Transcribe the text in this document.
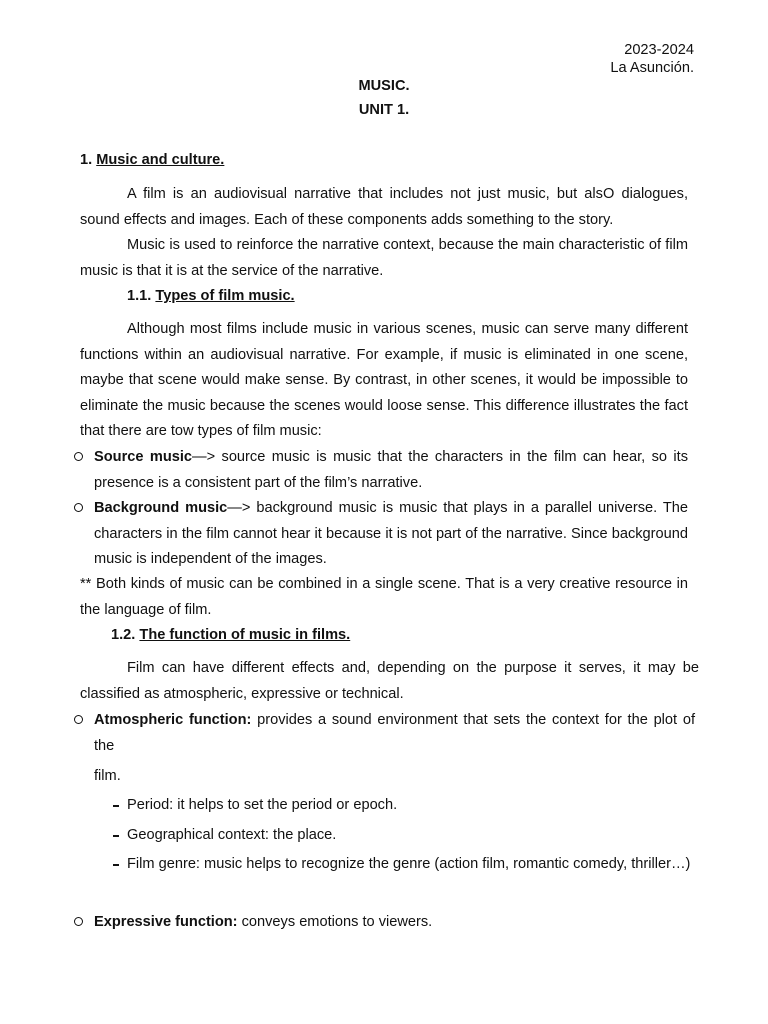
2023-2024
La Asunción.
MUSIC.
UNIT 1.
1. Music and culture.

A film is an audiovisual narrative that includes not just music, but alsO dialogues, sound effects and images. Each of these components adds something to the story.

Music is used to reinforce the narrative context, because the main characteristic of film music is that it is at the service of the narrative.

1.1. Types of film music.

Although most films include music in various scenes, music can serve many different functions within an audiovisual narrative. For example, if music is eliminated in one scene, maybe that scene would make sense. By contrast, in other scenes, it would be impossible to eliminate the music because the scenes would loose sense. This difference illustrates the fact that there are tow types of film music:

Source music—> source music is music that the characters in the film can hear, so its presence is a consistent part of the film’s narrative.

Background music—> background music is music that plays in a parallel universe. The characters in the film cannot hear it because it is not part of the narrative. Since background music is independent of the images.

** Both kinds of music can be combined in a single scene. That is a very creative resource in the language of film.

1.2. The function of music in films.

Film can have different effects and, depending on the purpose it serves, it may be classified as atmospheric, expressive or technical.

Atmospheric function: provides a sound environment that sets the context for the plot of the

film.

Period: it helps to set the period or epoch.

Geographical context: the place.

Film genre: music helps to recognize the genre (action film, romantic comedy, thriller…)

Expressive function: conveys emotions to viewers.
